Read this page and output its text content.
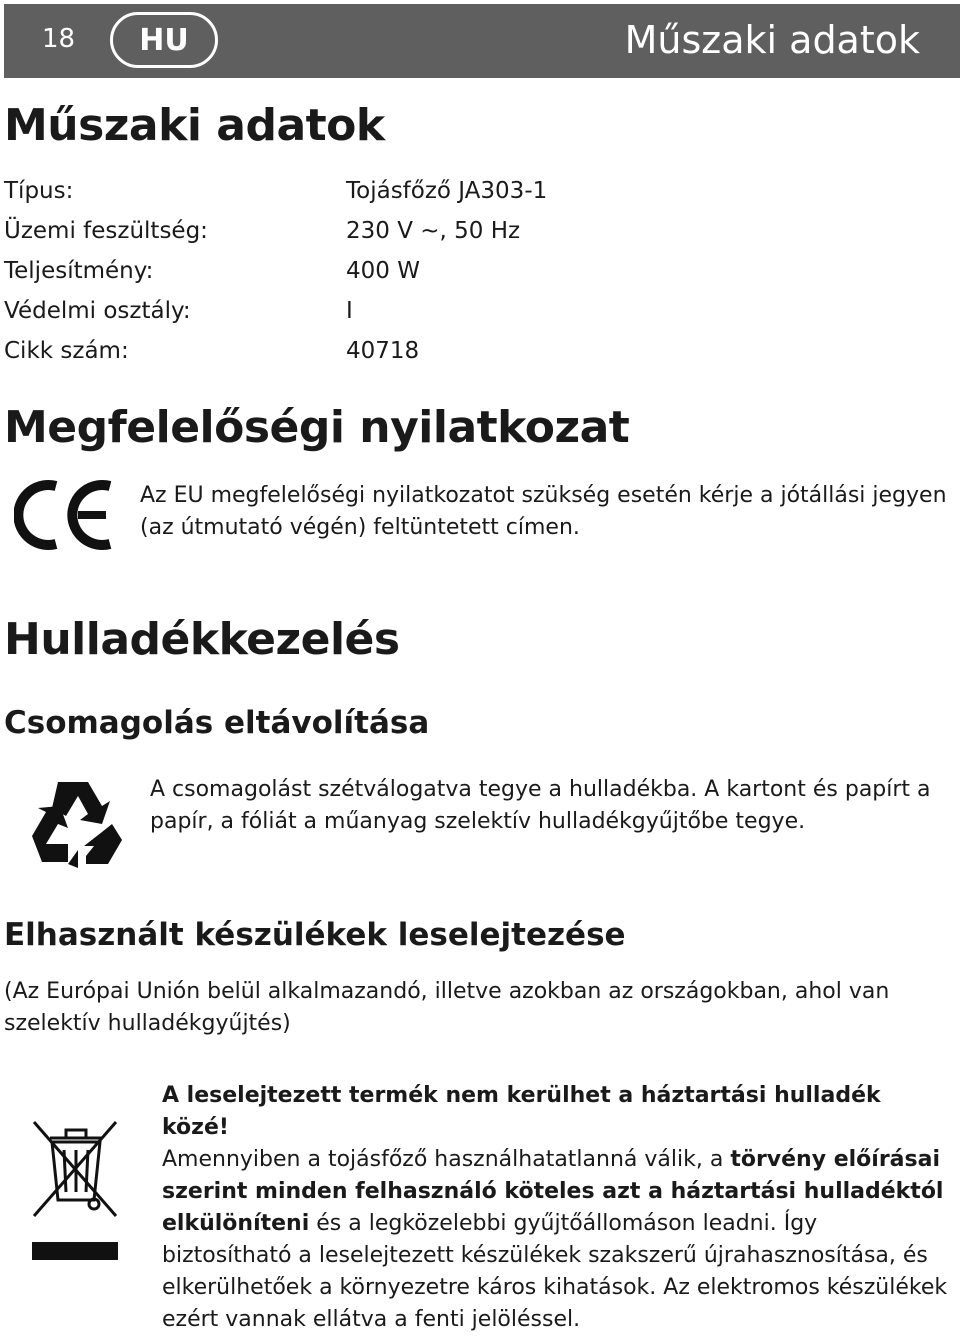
18	HU	Műszaki adatok
Műszaki adatok
Típus:	Tojásfőző JA303-1
Üzemi feszültség:	230 V ~, 50 Hz
Teljesítmény:	400 W
Védelmi osztály:	I
Cikk szám:	40718
Megfelelőségi nyilatkozat
Az EU megfelelőségi nyilatkozatot szükség esetén kérje a jótállási jegyen (az útmutató végén) feltüntetett címen.
Hulladékkezelés
Csomagolás eltávolítása
A csomagolást szétválogatva tegye a hulladékba. A kartont és papírt a papír, a fóliát a műanyag szelektív hulladékgyűjtőbe tegye.
Elhasznált készülékek leselejtezése
(Az Európai Unión belül alkalmazandó, illetve azokban az országokban, ahol van szelektív hulladékgyűjtés)
A leselejtezett termék nem kerülhet a háztartási hulladék közé!
Amennyiben a tojásfőző használhatatlanná válik, a törvény előírásai szerint minden felhasználó köteles azt a háztartási hulladéktól elkülöníteni és a legközelebbi gyűjtőállomáson leadni. Így biztosítható a leselejtezett készülékek szakszerű újrahasznosítása, és elkerülhetőek a környezetre káros kihatások. Az elektromos készülékek ezért vannak ellátva a fenti jelöléssel.
